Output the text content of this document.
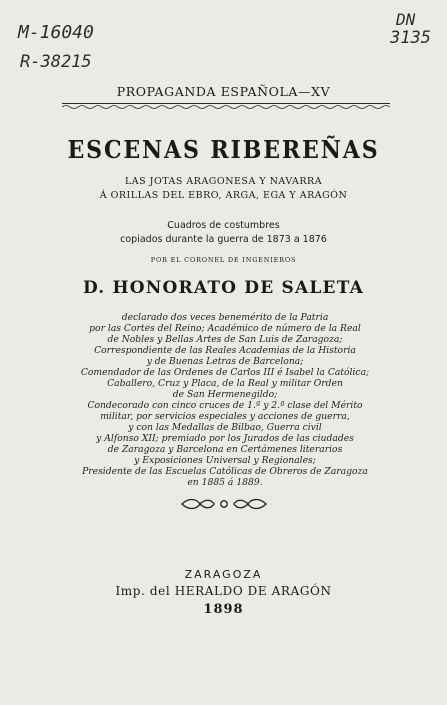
M-16040
R-38215
DN
3135
PROPAGANDA ESPAÑOLA—XV
ESCENAS RIBEREÑAS
LAS JOTAS ARAGONESA Y NAVARRA
Á ORILLAS DEL EBRO, ARGA, EGA Y ARAGÓN
Cuadros de costumbres
copiados durante la guerra de 1873 a 1876
POR EL CORONEL DE INGENIEROS
D. HONORATO DE SALETA
declarado dos veces benemérito de la Patria
por las Cortes del Reino; Académico de número de la Real
de Nobles y Bellas Artes de San Luis de Zaragoza;
Correspondiente de las Reales Academias de la Historia
y de Buenas Letras de Barcelona;
Comendador de las Ordenes de Carlos III é Isabel la Católica;
Caballero, Cruz y Placa, de la Real y militar Orden
de San Hermenegildo;
Condecorado con cinco cruces de 1.ª y 2.ª clase del Mérito
militar, por servicios especiales y acciones de guerra,
y con las Medallas de Bilbao, Guerra civil
y Alfonso XII; premiado por los Jurados de las ciudades
de Zaragoza y Barcelona en Certámenes literarios
y Exposiciones Universal y Regionales;
Presidente de las Escuelas Católicas de Obreros de Zaragoza
en 1885 á 1889.
ZARAGOZA
Imp. del HERALDO DE ARAGÓN
1898
